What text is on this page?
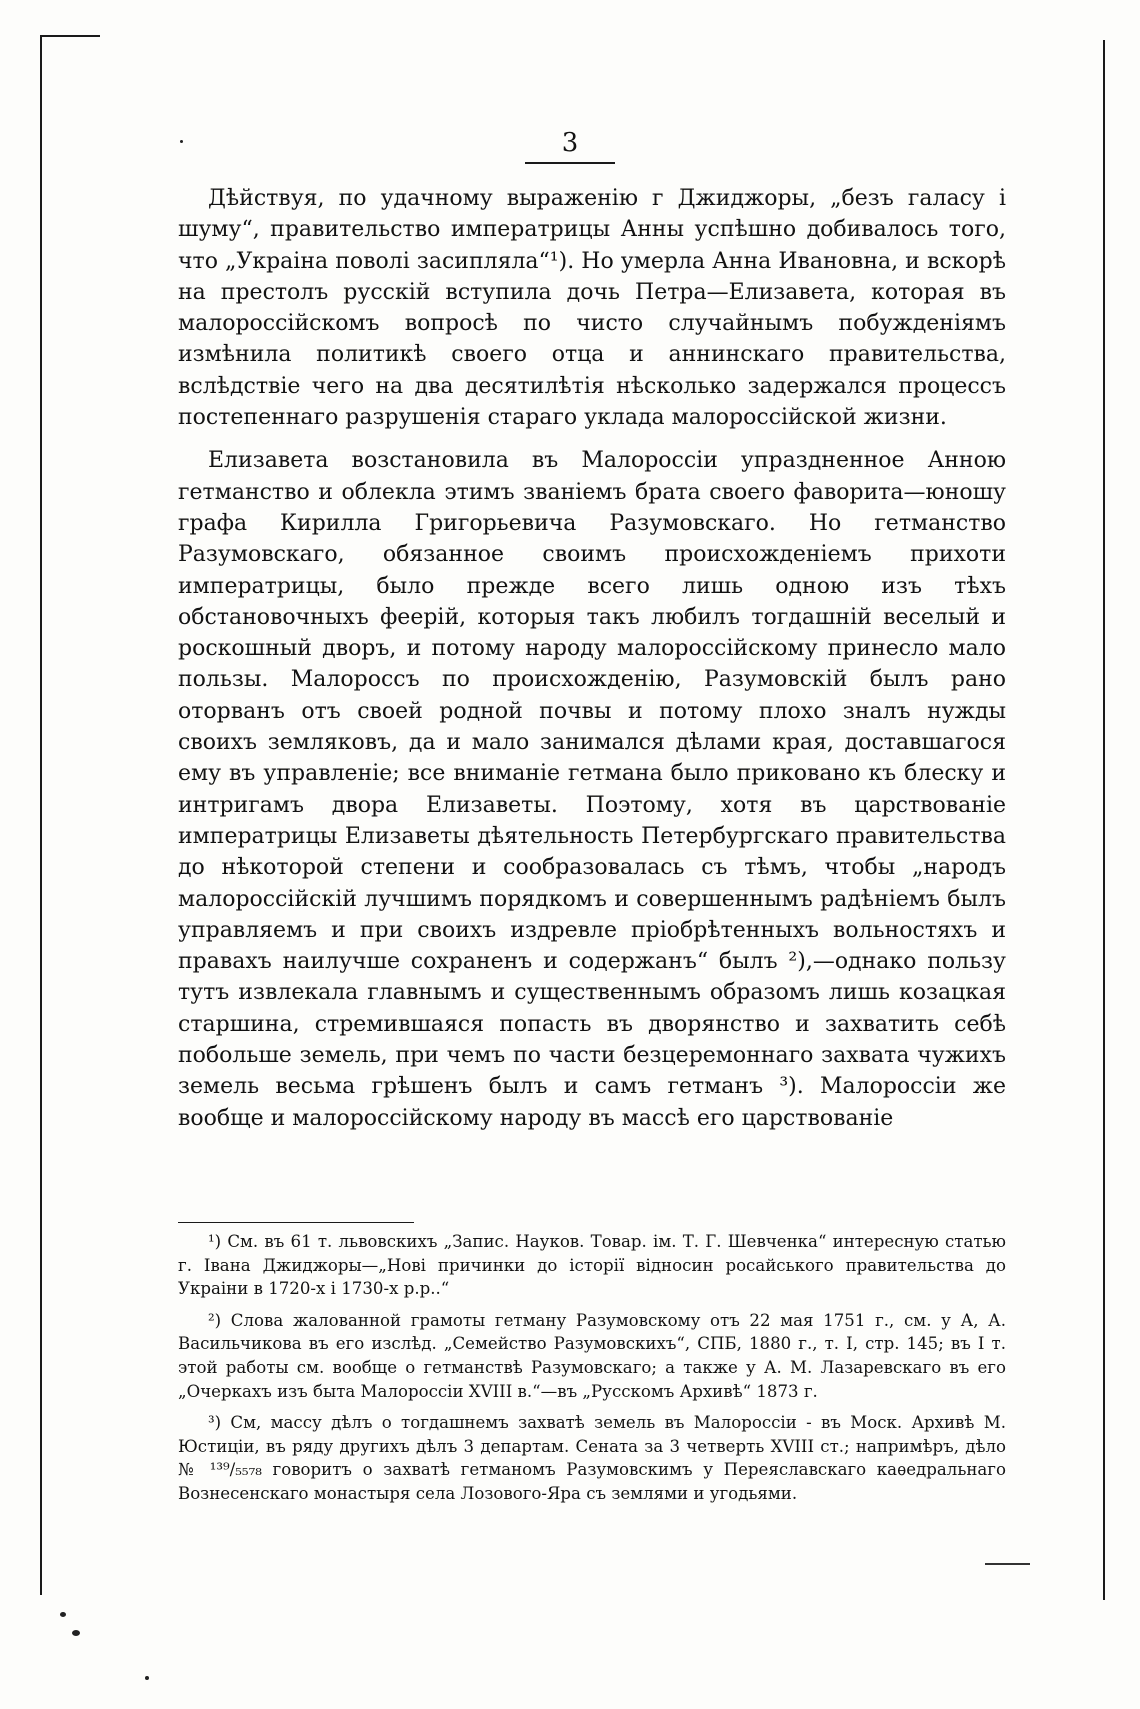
3

Дѣйствуя, по удачному выраженію г Джиджоры, „безъ галасу і шуму“, правительство императрицы Анны успѣшно добивалось того, что „Украіна поволі засипляла“¹). Но умерла Анна Ивановна, и вскорѣ на престолъ русскій вступила дочь Петра—Елизавета, которая въ малороссійскомъ вопросѣ по чисто случайнымъ побужденіямъ измѣнила политикѣ своего отца и аннинскаго правительства, вслѣдствіе чего на два десятилѣтія нѣсколько задержался процессъ постепеннаго разрушенія стараго уклада малороссійской жизни.

Елизавета возстановила въ Малороссіи упраздненное Анною гетманство и облекла этимъ званіемъ брата своего фаворита—юношу графа Кирилла Григорьевича Разумовскаго. Но гетманство Разумовскаго, обязанное своимъ происхожденіемъ прихоти императрицы, было прежде всего лишь одною изъ тѣхъ обстановочныхъ феерій, которыя такъ любилъ тогдашній веселый и роскошный дворъ, и потому народу малороссійскому принесло мало пользы. Малороссъ по происхожденію, Разумовскій былъ рано оторванъ отъ своей родной почвы и потому плохо зналъ нужды своихъ земляковъ, да и мало занимался дѣлами края, доставшагося ему въ управленіе; все вниманіе гетмана было приковано къ блеску и интригамъ двора Елизаветы. Поэтому, хотя въ царствованіе императрицы Елизаветы дѣятельность Петербургскаго правительства до нѣкоторой степени и сообразовалась съ тѣмъ, чтобы „народъ малороссійскій лучшимъ порядкомъ и совершеннымъ радѣніемъ былъ управляемъ и при своихъ издревле пріобрѣтенныхъ вольностяхъ и правахъ наилучше сохраненъ и содержанъ“ былъ ²),—однако пользу тутъ извлекала главнымъ и существеннымъ образомъ лишь козацкая старшина, стремившаяся попасть въ дворянство и захватить себѣ побольше земель, при чемъ по части безцеремоннаго захвата чужихъ земель весьма грѣшенъ былъ и самъ гетманъ ³). Малороссіи же вообще и малороссійскому народу въ массѣ его царствованіе

¹) См. въ 61 т. львовскихъ „Запис. Науков. Товар. ім. Т. Г. Шевченка“ интересную статью г. Івана Джиджоры—„Нові причинки до історії відносин росайського правительства до Украіни в 1720-х і 1730-х р.р..“

²) Слова жалованной грамоты гетману Разумовскому отъ 22 мая 1751 г., см. у А, А. Васильчикова въ его изслѣд. „Семейство Разумовскихъ“, СПБ, 1880 г., т. I, стр. 145; въ I т. этой работы см. вообще о гетманствѣ Разумовскаго; а также у А. М. Лазаревскаго въ его „Очеркахъ изъ быта Малороссіи XVIII в.“—въ „Русскомъ Архивѣ“ 1873 г.

³) См, массу дѣлъ о тогдашнемъ захватѣ земель въ Малороссіи - въ Моск. Архивѣ М. Юстиціи, въ ряду другихъ дѣлъ 3 департам. Сената за 3 четверть XVIII ст.; напримѣръ, дѣло № ¹³⁹/₅₅₇₈ говоритъ о захватѣ гетманомъ Разумовскимъ у Переяславскаго каѳедральнаго Вознесенскаго монастыря села Лозового-Яра съ землями и угодьями.
